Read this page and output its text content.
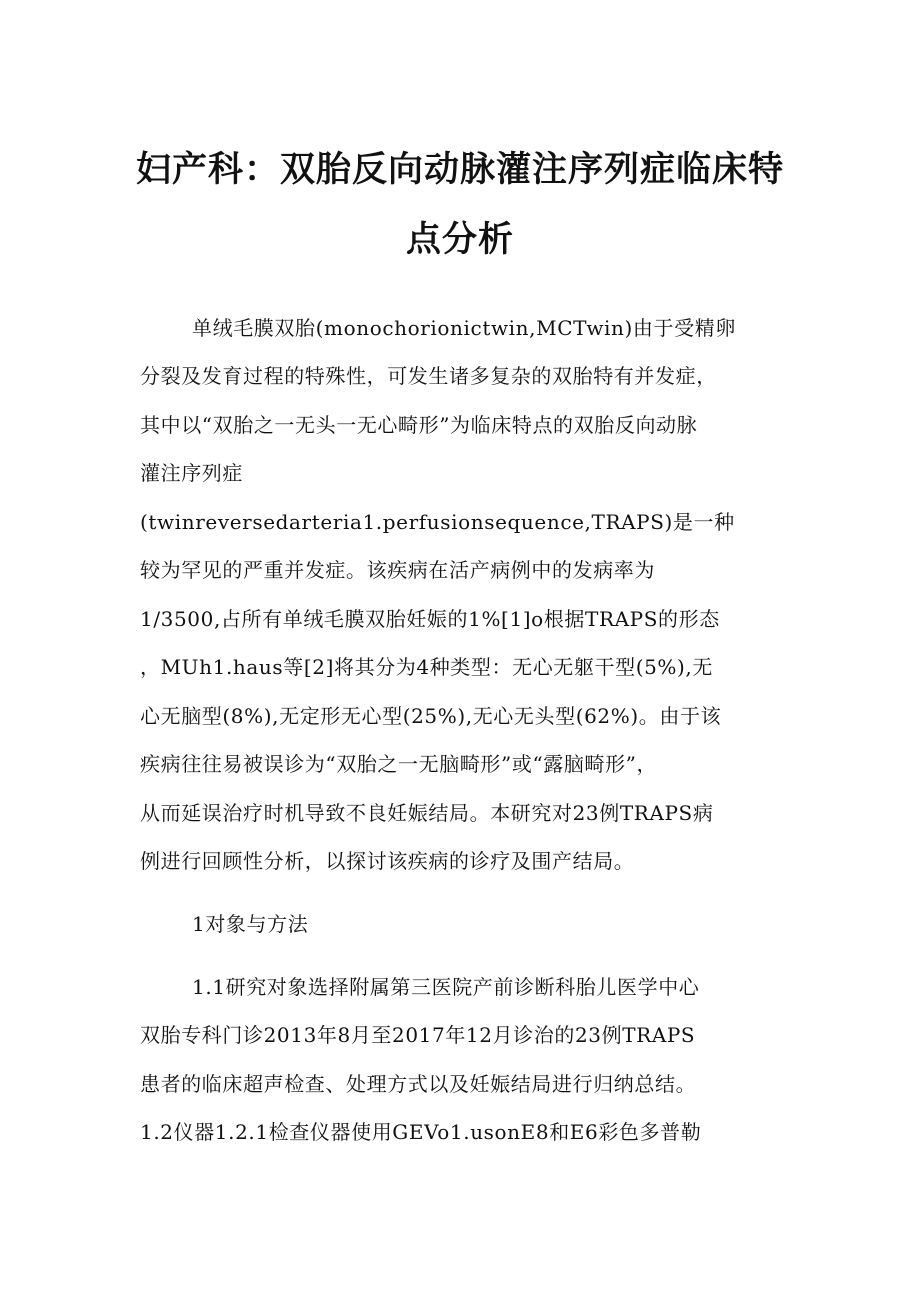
妇产科：双胎反向动脉灌注序列症临床特
点分析

单绒毛膜双胎(monochorionictwin,MCTwin)由于受精卵

分裂及发育过程的特殊性，可发生诸多复杂的双胎特有并发症，

其中以“双胎之一无头一无心畸形”为临床特点的双胎反向动脉

灌注序列症

(twinreversedarteria1.perfusionsequence,TRAPS)是一种

较为罕见的严重并发症。该疾病在活产病例中的发病率为

1/3500,占所有单绒毛膜双胎妊娠的1%[1]o根据TRAPS的形态

，MUh1.haus等[2]将其分为4种类型：无心无躯干型(5%),无

心无脑型(8%),无定形无心型(25%),无心无头型(62%)。由于该

疾病往往易被误诊为“双胎之一无脑畸形”或“露脑畸形”，

从而延误治疗时机导致不良妊娠结局。本研究对23例TRAPS病

例进行回顾性分析，以探讨该疾病的诊疗及围产结局。

1对象与方法

1.1研究对象选择附属第三医院产前诊断科胎儿医学中心

双胎专科门诊2013年8月至2017年12月诊治的23例TRAPS

患者的临床超声检查、处理方式以及妊娠结局进行归纳总结。

1.2仪器1.2.1检查仪器使用GEVo1.usonE8和E6彩色多普勒
